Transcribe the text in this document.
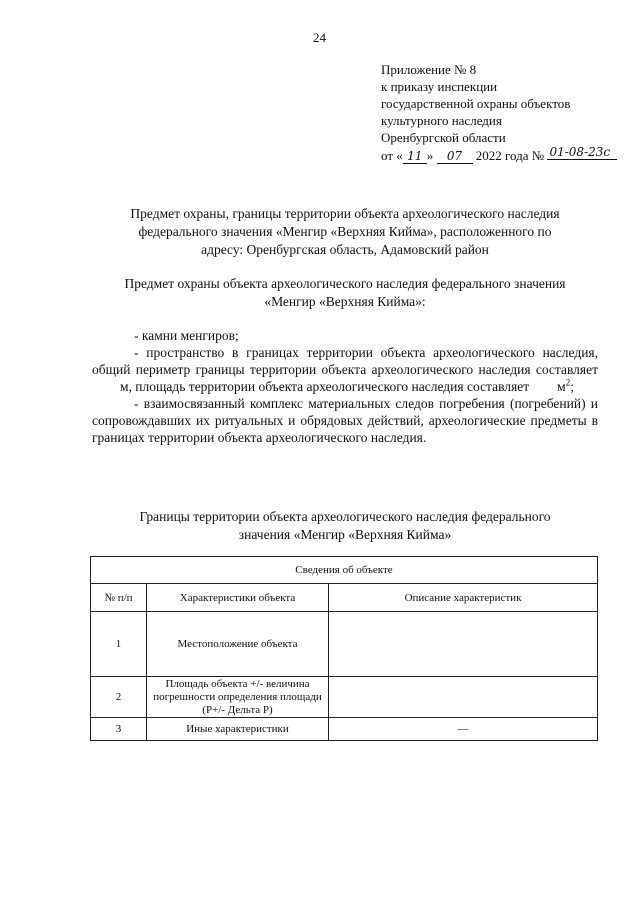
24
Приложение № 8
к приказу инспекции
государственной охраны объектов
культурного наследия
Оренбургской области
от « 11 » 07 2022 года № 01-08-23с
Предмет охраны, границы территории объекта археологического наследия
федерального значения «Менгир «Верхняя Кийма», расположенного по
адресу: Оренбургская область, Адамовский район
Предмет охраны объекта археологического наследия федерального значения
«Менгир «Верхняя Кийма»:

- камни менгиров;

- пространство в границах территории объекта археологического наследия, общий периметр границы территории объекта археологического наследия составляетм, площадь территории объекта археологического наследия составляет $м^2$;

- взаимосвязанный комплекс материальных следов погребения (погребений) и сопровождавших их ритуальных и обрядовых действий, археологические предметы в границах территории объекта археологического наследия.

Границы территории объекта археологического наследия федерального
значения «Менгир «Верхняя Кийма»
Сведения об объекте		
№ п/п	Характеристики объекта	Описание характеристик
1	Местоположение объекта	
2	Площадь объекта +/- величина погрешности определения площади (Р+/- Дельта Р)	
3	Иные характеристики	—
